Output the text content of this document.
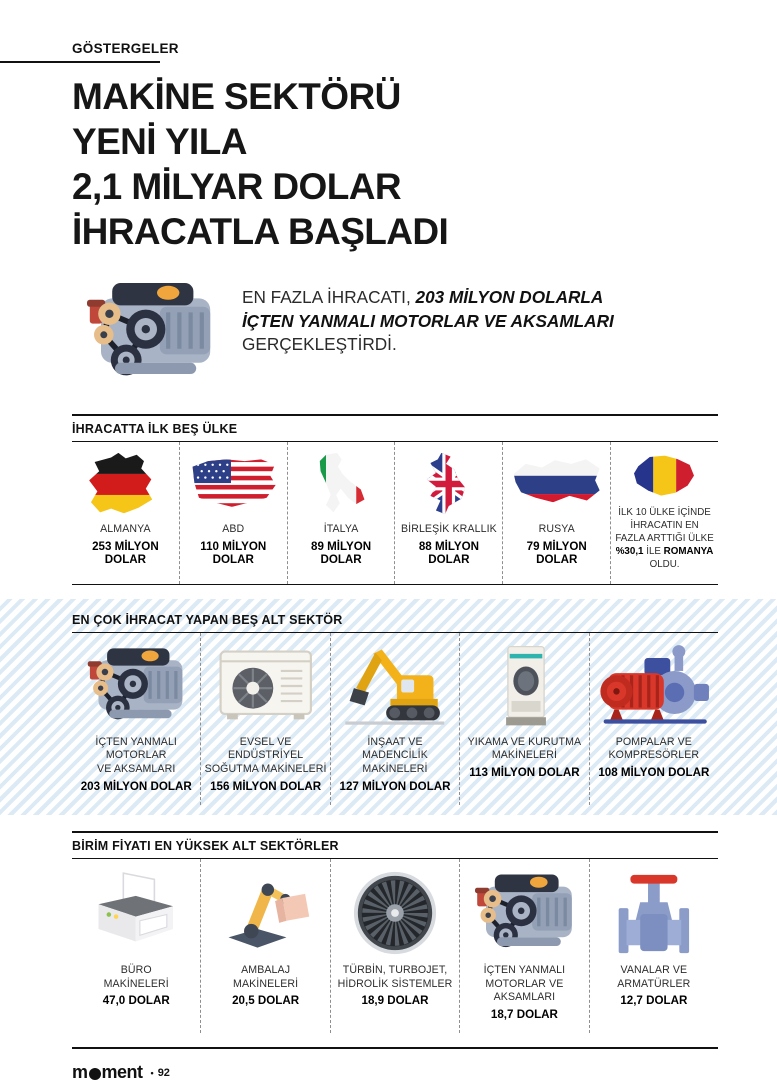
GÖSTERGELER
MAKİNE SEKTÖRÜ
YENİ YILA
2,1 MİLYAR DOLAR
İHRACATLA BAŞLADI
EN FAZLA İHRACATI, 203 MİLYON DOLARLA İÇTEN YANMALI MOTORLAR VE AKSAMLARI GERÇEKLEŞTİRDİ.
İHRACATTA İLK BEŞ ÜLKE
ALMANYA
253 MİLYON DOLAR
ABD
110 MİLYON DOLAR
İTALYA
89 MİLYON DOLAR
BİRLEŞİK KRALLIK
88 MİLYON DOLAR
RUSYA
79 MİLYON DOLAR
İLK 10 ÜLKE İÇİNDE İHRACATIN EN FAZLA ARTTIĞI ÜLKE %30,1 İLE ROMANYA OLDU.
EN ÇOK İHRACAT YAPAN BEŞ ALT SEKTÖR
İÇTEN YANMALI MOTORLAR
VE AKSAMLARI
203 MİLYON DOLAR
EVSEL VE ENDÜSTRİYEL
SOĞUTMA MAKİNELERİ
156 MİLYON DOLAR
İNŞAAT VE MADENCİLİK
MAKİNELERİ
127 MİLYON DOLAR
YIKAMA VE KURUTMA
MAKİNELERİ
113 MİLYON DOLAR
POMPALAR VE
KOMPRESÖRLER
108 MİLYON DOLAR
BİRİM FİYATI EN YÜKSEK ALT SEKTÖRLER
BÜRO
MAKİNELERİ
47,0 DOLAR
AMBALAJ
MAKİNELERİ
20,5 DOLAR
TÜRBİN, TURBOJET,
HİDROLİK SİSTEMLER
18,9 DOLAR
İÇTEN YANMALI
MOTORLAR VE AKSAMLARI
18,7 DOLAR
VANALAR VE
ARMATÜRLER
12,7 DOLAR
m ment • 92
